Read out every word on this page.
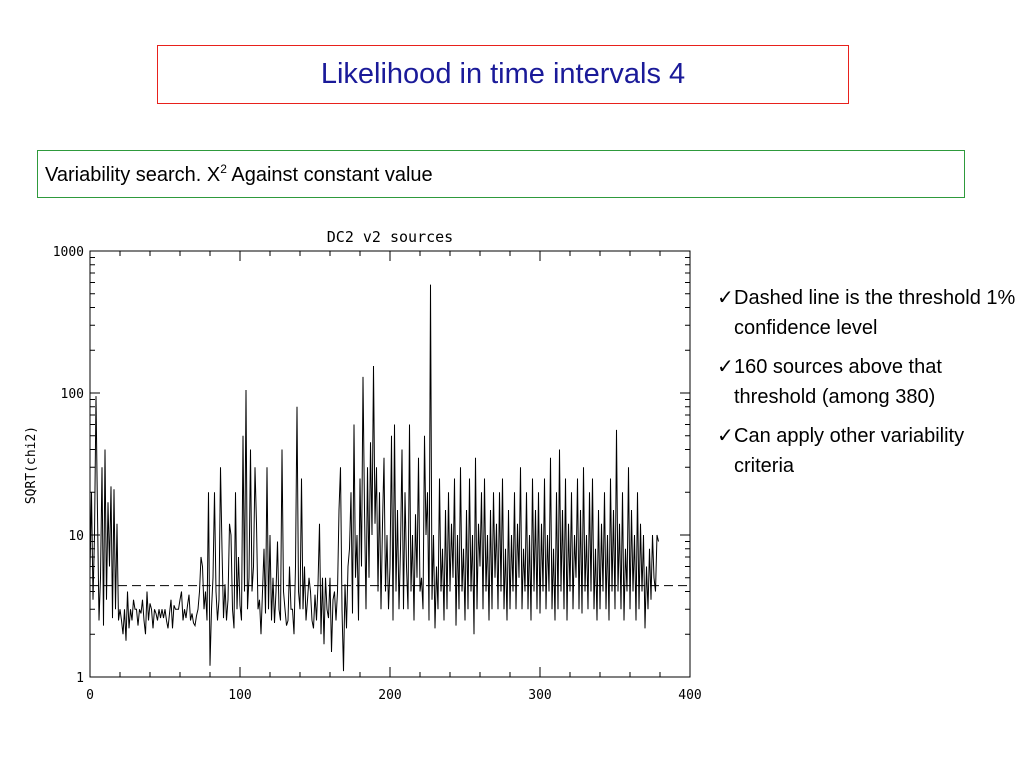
Likelihood in time intervals 4
Variability search. $X^2$ Against constant value
DC2 v2 sources
SQRT(chi2)
0	100	200	300	400
1
10
100
1000
✓ Dashed line is the threshold 1% confidence level
✓ 160 sources above that threshold (among 380)
✓ Can apply other variability criteria
